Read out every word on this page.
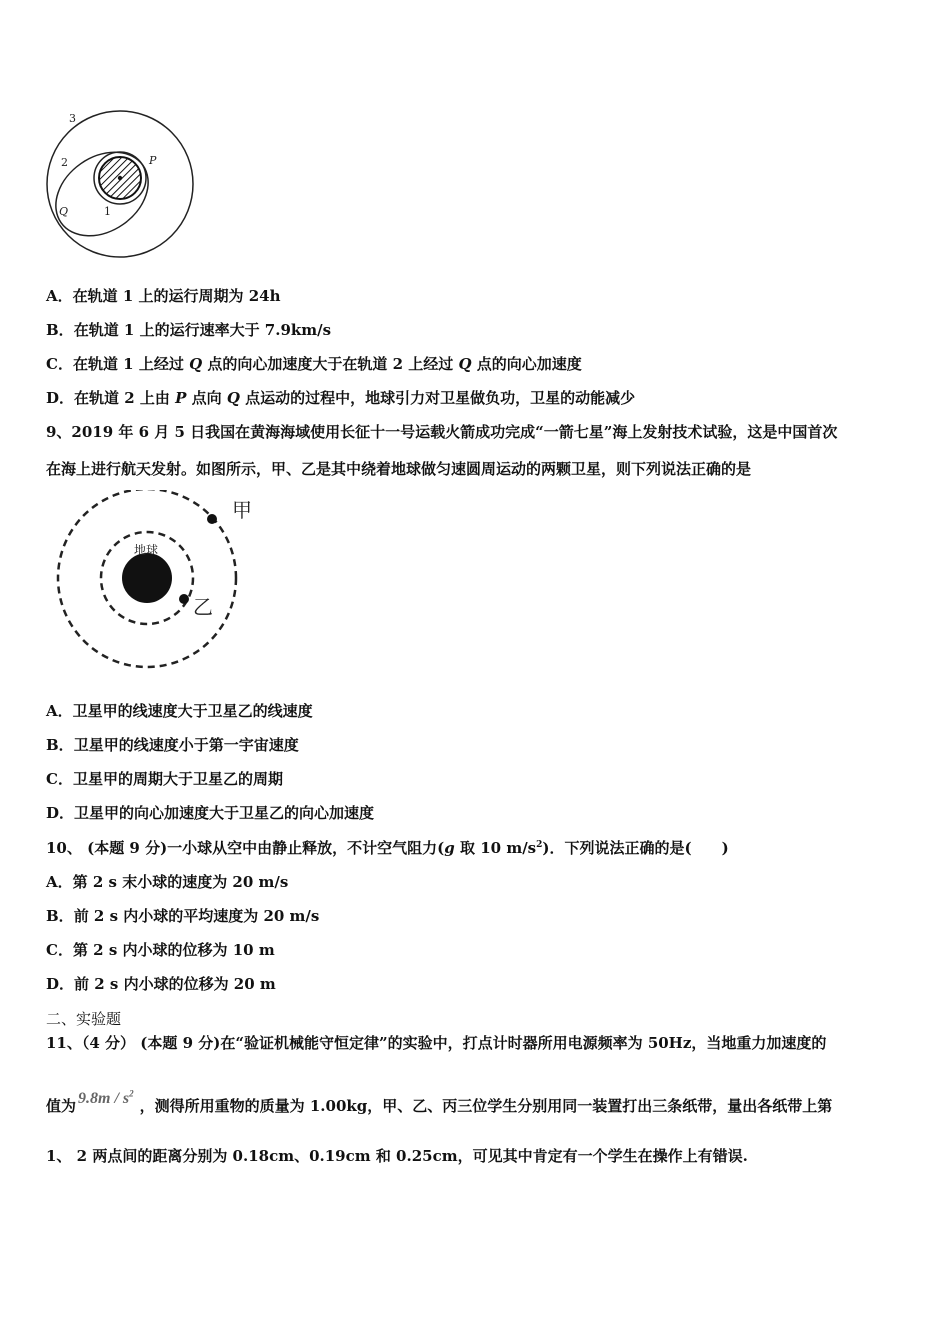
3
2	P
Q	1
A．在轨道 1 上的运行周期为 24h
B．在轨道 1 上的运行速率大于 7.9km/s
C．在轨道 1 上经过 Q 点的向心加速度大于在轨道 2 上经过 Q 点的向心加速度
D．在轨道 2 上由 P 点向 Q 点运动的过程中，地球引力对卫星做负功，卫星的动能减少
9、2019 年 6 月 5 日我国在黄海海域使用长征十一号运载火箭成功完成“一箭七星”海上发射技术试验，这是中国首次
在海上进行航天发射。如图所示，甲、乙是其中绕着地球做匀速圆周运动的两颗卫星，则下列说法正确的是
地球
甲
乙
A．卫星甲的线速度大于卫星乙的线速度
B．卫星甲的线速度小于第一宇宙速度
C．卫星甲的周期大于卫星乙的周期
D．卫星甲的向心加速度大于卫星乙的向心加速度
10、 (本题 9 分)一小球从空中由静止释放，不计空气阻力(g 取 10 $m/s^2$)．下列说法正确的是(　　)
A．第 2 s 末小球的速度为 20 m/s
B．前 2 s 内小球的平均速度为 20 m/s
C．第 2 s 内小球的位移为 10 m
D．前 2 s 内小球的位移为 20 m
二、实验题
11、（4 分） (本题 9 分)在“验证机械能守恒定律”的实验中，打点计时器所用电源频率为 50Hz，当地重力加速度的
值为 $9.8m / s^2$，测得所用重物的质量为 1.00kg，甲、乙、丙三位学生分别用同一装置打出三条纸带，量出各纸带上第
1、 2 两点间的距离分别为 0.18cm、0.19cm 和 0.25cm，可见其中肯定有一个学生在操作上有错误.
